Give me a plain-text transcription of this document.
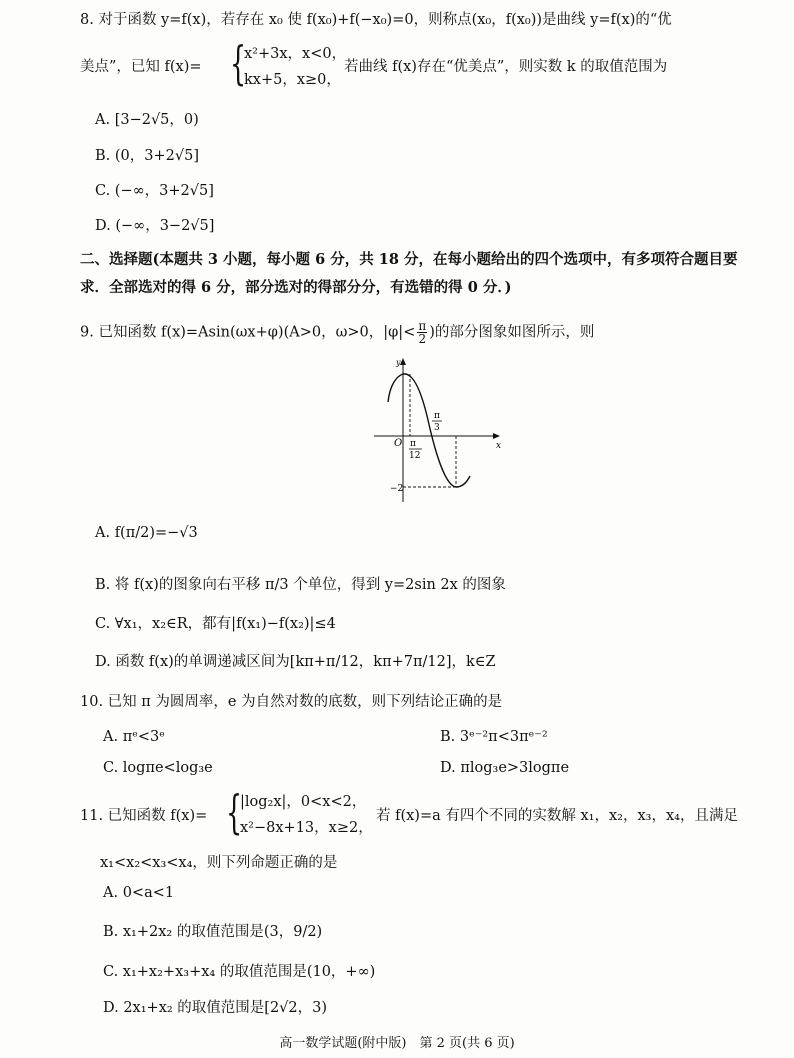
8. 对于函数 y=f(x)，若存在 x₀ 使 f(x₀)+f(−x₀)=0，则称点(x₀，f(x₀))是曲线 y=f(x)的“优
美点”，已知 f(x)= {
x²+3x，x<0，
kx+5，x≥0，
若曲线 f(x)存在“优美点”，则实数 k 的取值范围为
A. [3−2√5，0)
B. (0，3+2√5]
C. (−∞，3+2√5]
D. (−∞，3−2√5]
二、选择题(本题共 3 小题，每小题 6 分，共 18 分，在每小题给出的四个选项中，有多项符合题目要
求．全部选对的得 6 分，部分选对的得部分分，有选错的得 0 分．)
9. 已知函数 f(x)=Asin(ωx+φ)(A>0，ω>0，$|\varphi|< \frac{\pi}{2}$ )的部分图象如图所示，则
y
x
O π
12
π
3
−2
A. f(π/2)=−√3
B. 将 f(x)的图象向右平移 π/3 个单位，得到 y=2sin 2x 的图象
C. ∀x₁，x₂∈R，都有|f(x₁)−f(x₂)|≤4
D. 函数 f(x)的单调递减区间为[kπ+π/12，kπ+7π/12]，k∈Z
10. 已知 π 为圆周率，e 为自然对数的底数，则下列结论正确的是
A. πᵉ<3ᵉ	B. 3ᵉ⁻²π<3πᵉ⁻²
C. logπe<log₃e	D. πlog₃e>3logπe
11. 已知函数 f(x)= {
|log₂x|，0<x<2，
x²−8x+13，x≥2，
若 f(x)=a 有四个不同的实数解 x₁，x₂，x₃，x₄，且满足
x₁<x₂<x₃<x₄，则下列命题正确的是
A. 0<a<1
B. x₁+2x₂ 的取值范围是(3，9/2)
C. x₁+x₂+x₃+x₄ 的取值范围是(10，+∞)
D. 2x₁+x₂ 的取值范围是[2√2，3)
高一数学试题(附中版)　第 2 页(共 6 页)
